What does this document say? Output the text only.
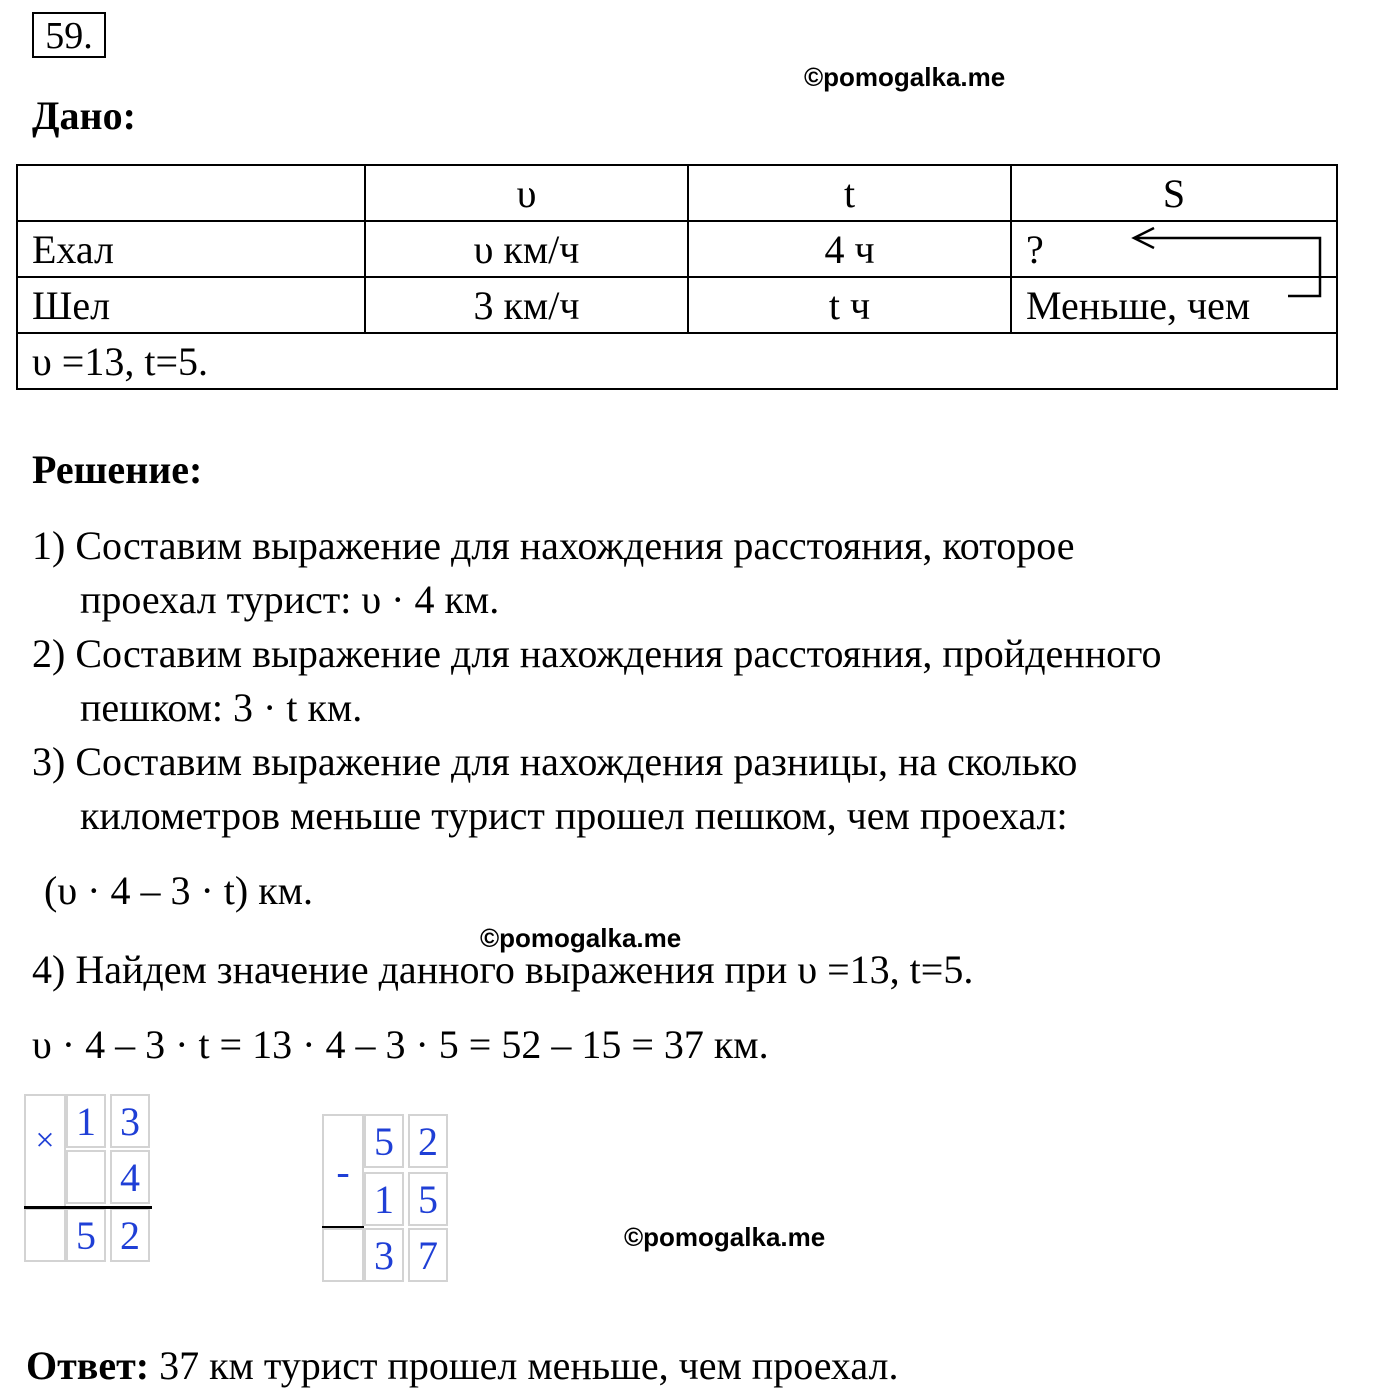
59.
©pomogalka.me
Дано:
	υ	t	S
Ехал	υ км/ч	4 ч	?
Шел	3 км/ч	t ч	Меньше, чем
υ =13, t=5.			
Решение:
1) Составим выражение для нахождения расстояния, которое
проехал турист: υ · 4 км.
2) Составим выражение для нахождения расстояния, пройденного
пешком: 3 · t км.
3) Составим выражение для нахождения разницы, на сколько
километров меньше турист прошел пешком, чем проехал:
(υ · 4 – 3 · t) км.
©pomogalka.me
4) Найдем значение данного выражения при υ =13, t=5.
υ · 4 – 3 · t = 13 · 4 – 3 · 5 = 52 – 15 = 37 км.
× 1 3
4
5 2
-
5 2
1 5
3 7	©pomogalka.me
Ответ: 37 км турист прошел меньше, чем проехал.
